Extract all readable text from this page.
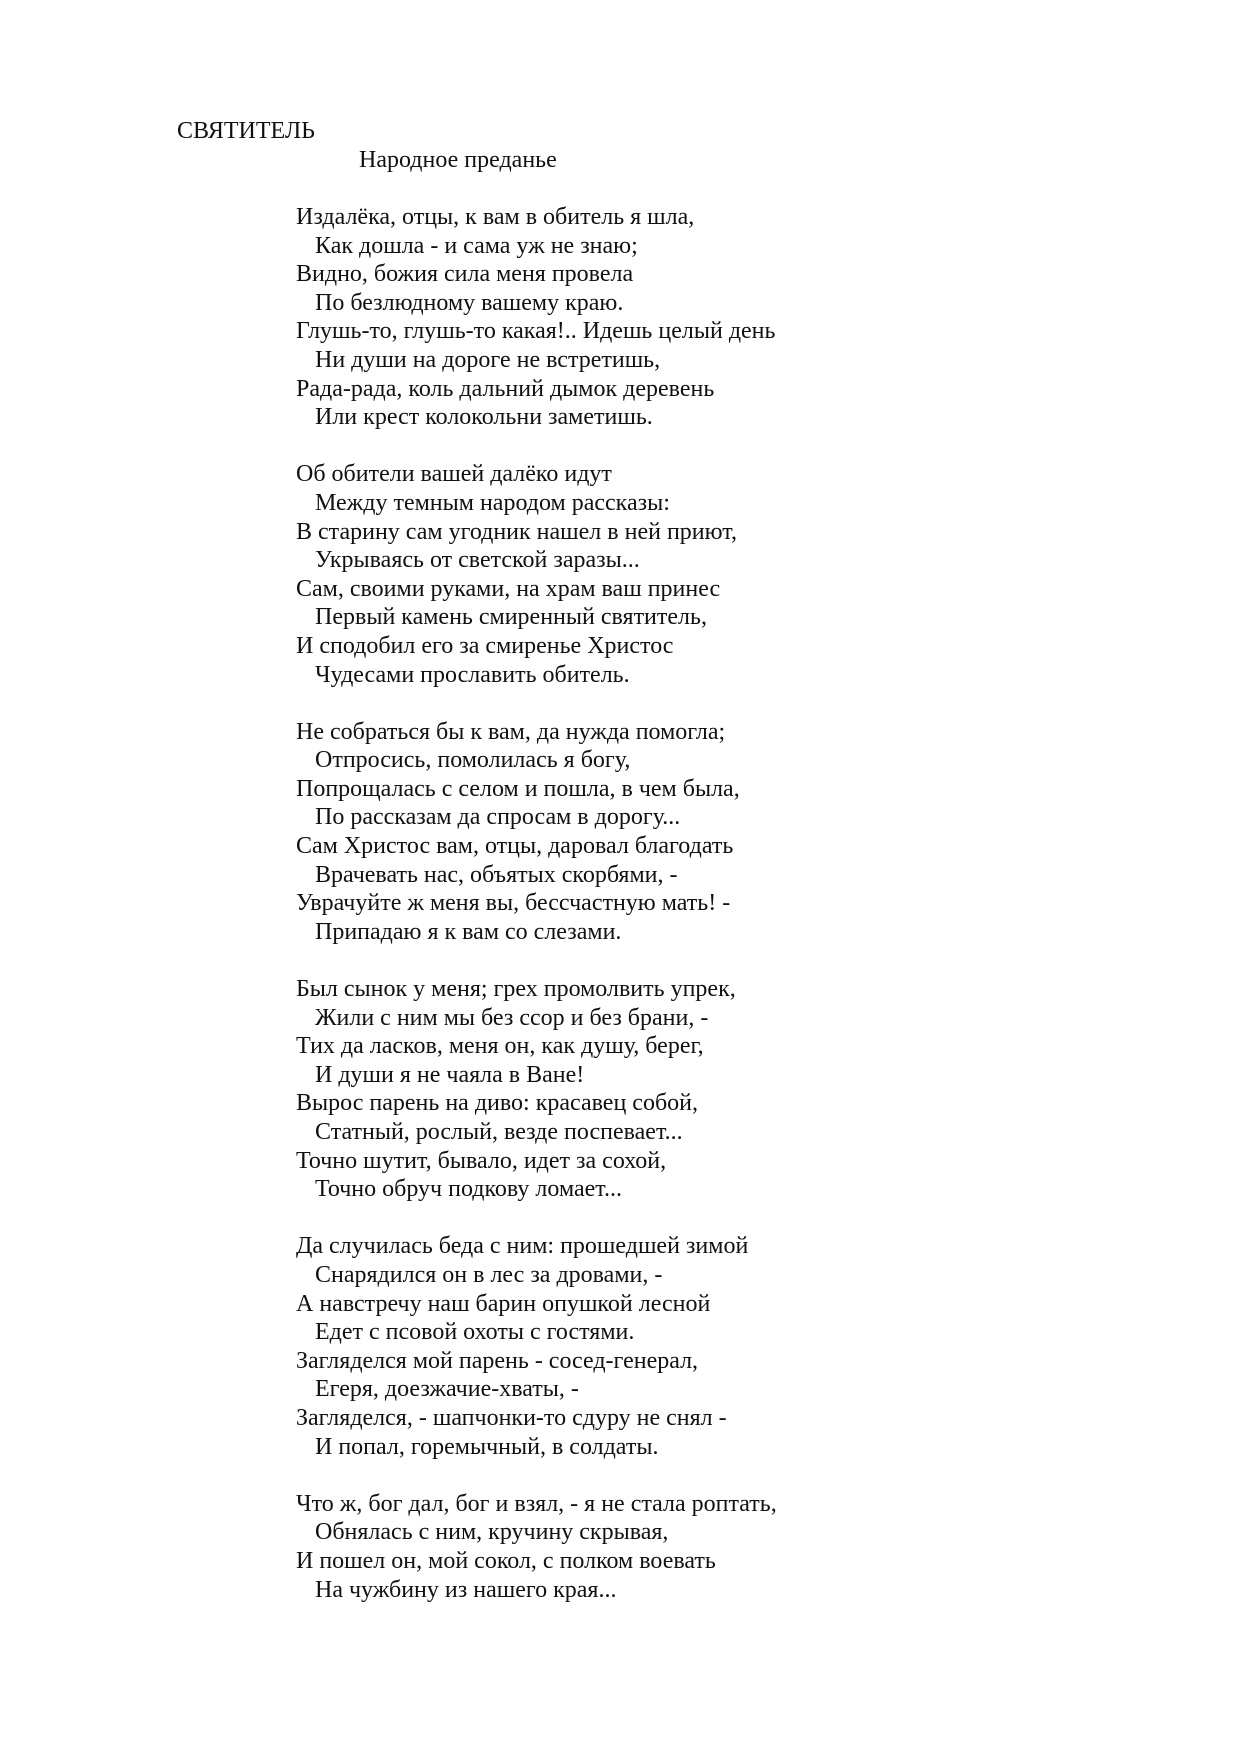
СВЯТИТЕЛЬ
Народное преданье

Издалёка, отцы, к вам в обитель я шла,

Как дошла - и сама уж не знаю;

Видно, божия сила меня провела

По безлюдному вашему краю.

Глушь-то, глушь-то какая!.. Идешь целый день

Ни души на дороге не встретишь,

Рада-рада, коль дальний дымок деревень

Или крест колокольни заметишь.

Об обители вашей далёко идут

Между темным народом рассказы:

В старину сам угодник нашел в ней приют,

Укрываясь от светской заразы...

Сам, своими руками, на храм ваш принес

Первый камень смиренный святитель,

И сподобил его за смиренье Христос

Чудесами прославить обитель.

Не собраться бы к вам, да нужда помогла;

Отпросись, помолилась я богу,

Попрощалась с селом и пошла, в чем была,

По рассказам да спросам в дорогу...

Сам Христос вам, отцы, даровал благодать

Врачевать нас, объятых скорбями, -

Уврачуйте ж меня вы, бессчастную мать! -

Припадаю я к вам со слезами.

Был сынок у меня; грех промолвить упрек,

Жили с ним мы без ссор и без брани, -

Тих да ласков, меня он, как душу, берег,

И души я не чаяла в Ване!

Вырос парень на диво: красавец собой,

Статный, рослый, везде поспевает...

Точно шутит, бывало, идет за сохой,

Точно обруч подкову ломает...

Да случилась беда с ним: прошедшей зимой

Снарядился он в лес за дровами, -

А навстречу наш барин опушкой лесной

Едет с псовой охоты с гостями.

Загляделся мой парень - сосед-генерал,

Егеря, доезжачие-хваты, -

Загляделся, - шапчонки-то сдуру не снял -

И попал, горемычный, в солдаты.

Что ж, бог дал, бог и взял, - я не стала роптать,

Обнялась с ним, кручину скрывая,

И пошел он, мой сокол, с полком воевать

На чужбину из нашего края...
